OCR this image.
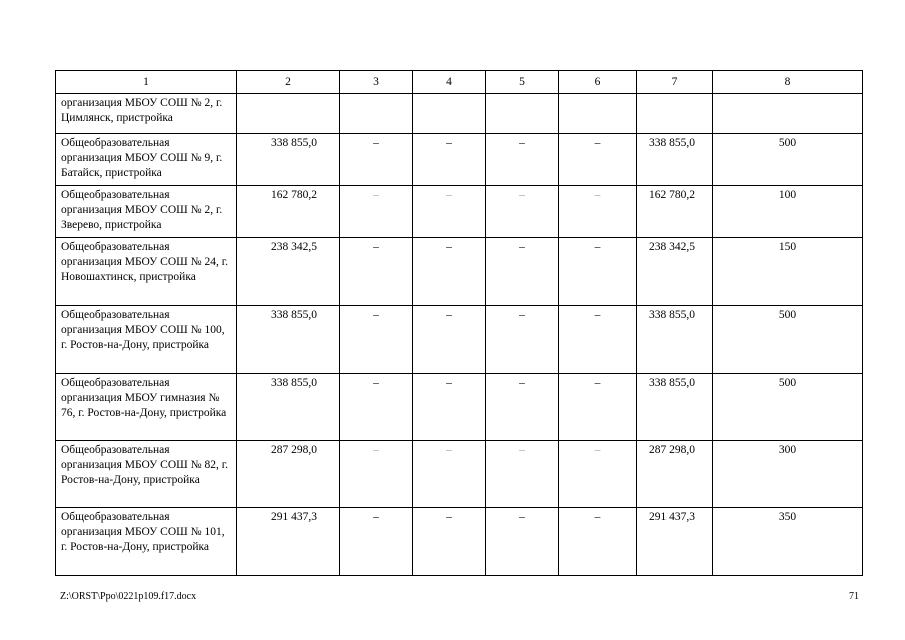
1	2	3	4	5	6	7	8
организация МБОУ СОШ № 2, г. Цимлянск, пристройка							
Общеобразовательная организация МБОУ СОШ № 9, г. Батайск, пристройка	338 855,0	–	–	–	–	338 855,0	500
Общеобразовательная организация МБОУ СОШ № 2, г. Зверево, пристройка	162 780,2	–	–	–	–	162 780,2	100
Общеобразовательная организация МБОУ СОШ № 24, г. Новошахтинск, пристройка	238 342,5	–	–	–	–	238 342,5	150
Общеобразовательная организация МБОУ СОШ № 100, г. Ростов-на-Дону, пристройка	338 855,0	–	–	–	–	338 855,0	500
Общеобразовательная организация МБОУ гимназия № 76, г. Ростов-на-Дону, пристройка	338 855,0	–	–	–	–	338 855,0	500
Общеобразовательная организация МБОУ СОШ № 82, г. Ростов-на-Дону, пристройка	287 298,0	–	–	–	–	287 298,0	300
Общеобразовательная организация МБОУ СОШ № 101, г. Ростов-на-Дону, пристройка	291 437,3	–	–	–	–	291 437,3	350
Z:\ORST\Ppo\0221p109.f17.docx	71
